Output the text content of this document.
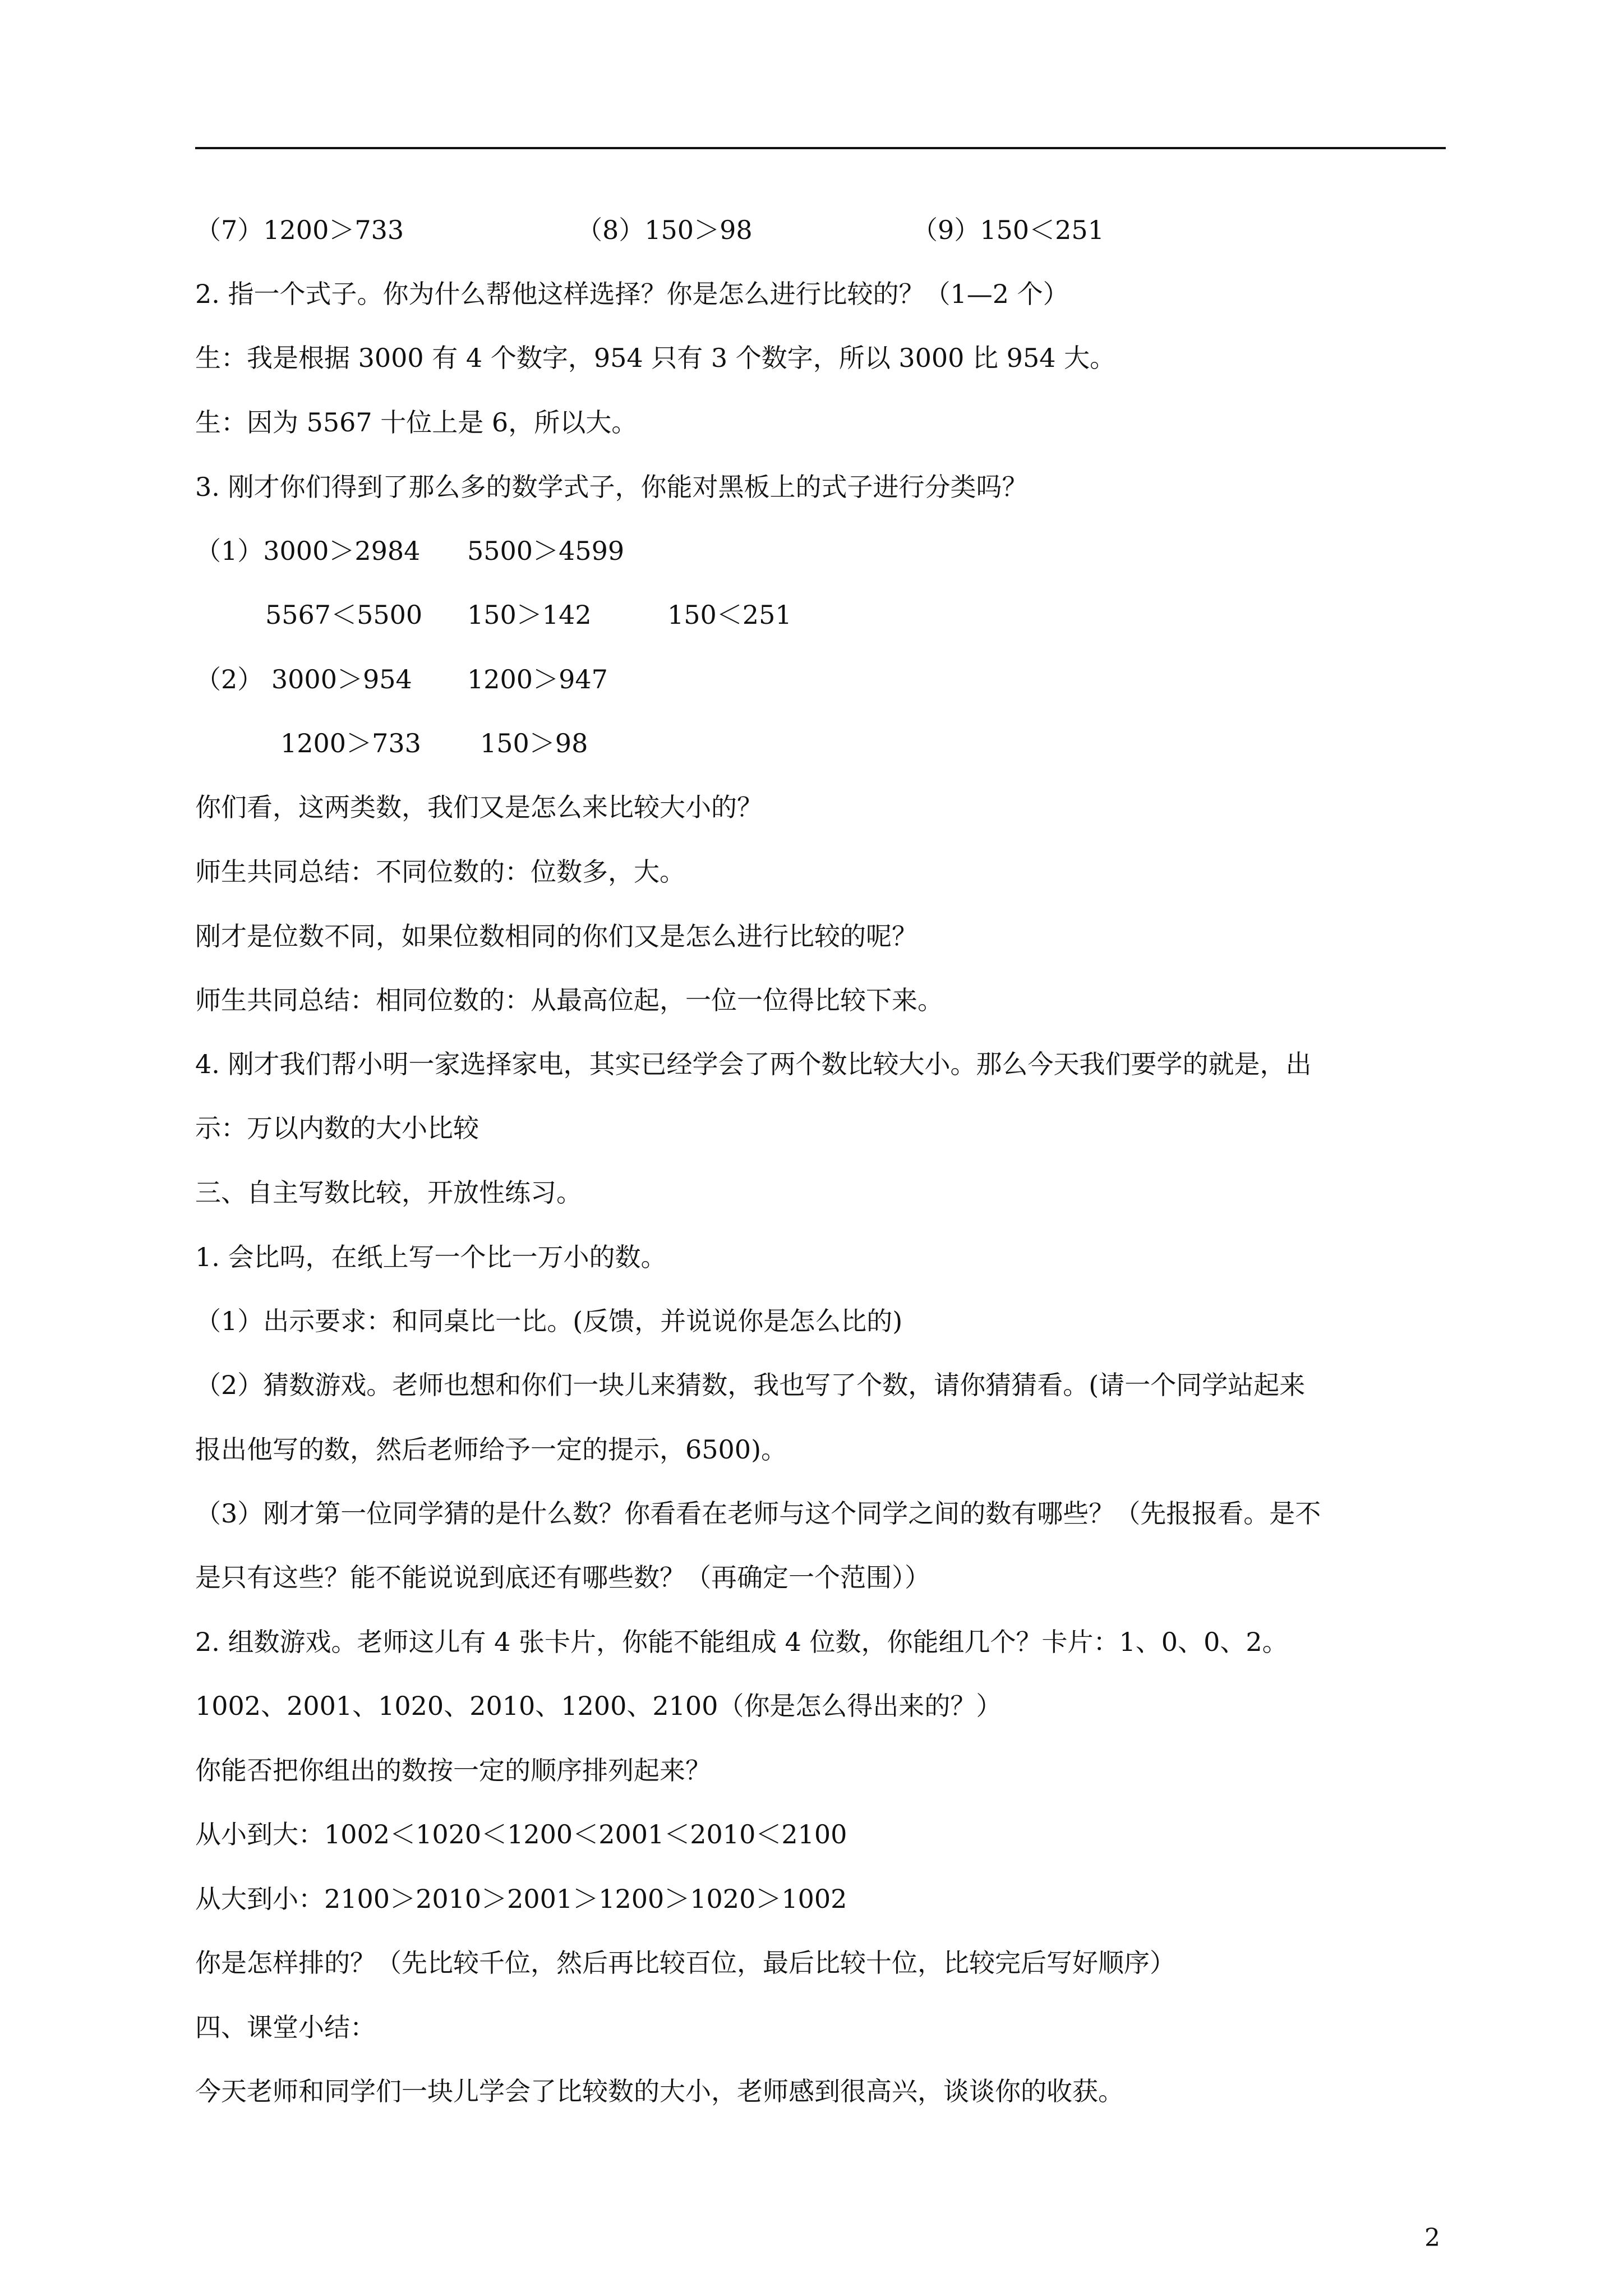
（7）1200＞733	（8）150＞98	（9）150＜251
2. 指一个式子。你为什么帮他这样选择？你是怎么进行比较的？（1—2 个）
生：我是根据 3000 有 4 个数字，954 只有 3 个数字，所以 3000 比 954 大。
生：因为 5567 十位上是 6，所以大。
3. 刚才你们得到了那么多的数学式子，你能对黑板上的式子进行分类吗？
（1）3000＞2984 5500＞4599
5567＜5500 150＞142	150＜251
（2） 3000＞954 1200＞947
1200＞733 150＞98
你们看，这两类数，我们又是怎么来比较大小的？
师生共同总结：不同位数的：位数多，大。
刚才是位数不同，如果位数相同的你们又是怎么进行比较的呢？
师生共同总结：相同位数的：从最高位起，一位一位得比较下来。
4. 刚才我们帮小明一家选择家电，其实已经学会了两个数比较大小。那么今天我们要学的就是，出
示：万以内数的大小比较
三、自主写数比较，开放性练习。
1. 会比吗，在纸上写一个比一万小的数。
（1）出示要求：和同桌比一比。(反馈，并说说你是怎么比的)
（2）猜数游戏。老师也想和你们一块儿来猜数，我也写了个数，请你猜猜看。(请一个同学站起来
报出他写的数，然后老师给予一定的提示，6500)。
（3）刚才第一位同学猜的是什么数？你看看在老师与这个同学之间的数有哪些？（先报报看。是不
是只有这些？能不能说说到底还有哪些数？（再确定一个范围））
2. 组数游戏。老师这儿有 4 张卡片，你能不能组成 4 位数，你能组几个？卡片：1、0、0、2。
1002、2001、1020、2010、1200、2100（你是怎么得出来的？）
你能否把你组出的数按一定的顺序排列起来？
从小到大：1002＜1020＜1200＜2001＜2010＜2100
从大到小：2100＞2010＞2001＞1200＞1020＞1002
你是怎样排的？（先比较千位，然后再比较百位，最后比较十位，比较完后写好顺序）
四、课堂小结：
今天老师和同学们一块儿学会了比较数的大小，老师感到很高兴，谈谈你的收获。
2
